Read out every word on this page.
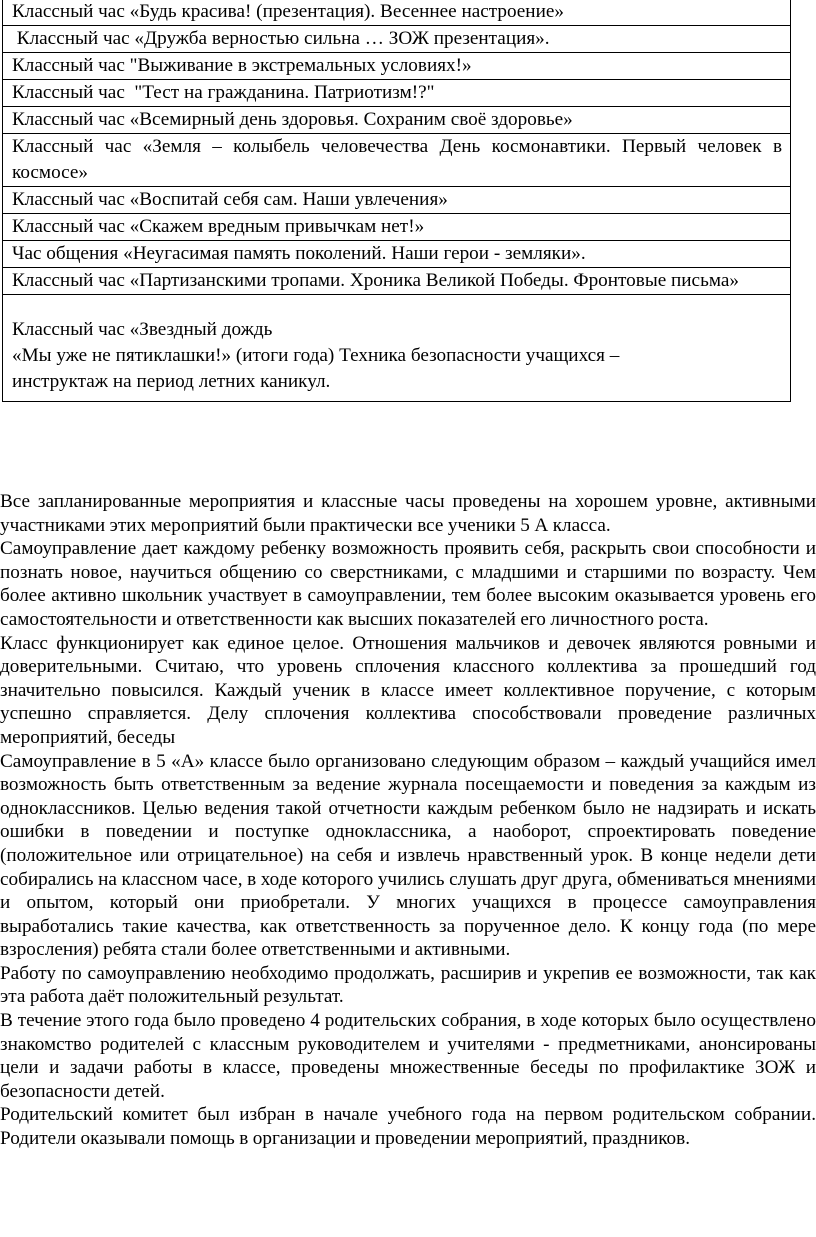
Классный час «Будь красива! (презентация). Весеннее настроение»
Классный час «Дружба верностью сильна … ЗОЖ презентация».
Классный час "Выживание в экстремальных условиях!»
Классный час  "Тест на гражданина. Патриотизм!?"
Классный час «Всемирный день здоровья. Сохраним своё здоровье»
Классный час «Земля – колыбель человечества День космонавтики. Первый человек в космосе»
Классный час «Воспитай себя сам. Наши увлечения»
Классный час «Скажем вредным привычкам нет!»
Час общения «Неугасимая память поколений. Наши герои - земляки».
Классный час «Партизанскими тропами. Хроника Великой Победы. Фронтовые письма»

Классный час «Звездный дождь
«Мы уже не пятиклашки!» (итоги года) Техника безопасности учащихся –
инструктаж на период летних каникул.

Все запланированные мероприятия и классные часы проведены на хорошем уровне, активными участниками этих мероприятий были практически все ученики 5 А класса.

Самоуправление дает каждому ребенку возможность проявить себя, раскрыть свои способности и познать новое, научиться общению со сверстниками, с младшими и старшими по возрасту. Чем более активно школьник участвует в самоуправлении, тем более высоким оказывается уровень его самостоятельности и ответственности как высших показателей его личностного роста.

Класс функционирует как единое целое. Отношения мальчиков и девочек являются ровными и доверительными. Считаю, что уровень сплочения классного коллектива за прошедший год значительно повысился. Каждый ученик в классе имеет коллективное поручение, с которым успешно справляется. Делу сплочения коллектива способствовали проведение различных мероприятий, беседы

Самоуправление в 5 «А» классе было организовано следующим образом – каждый учащийся имел возможность быть ответственным за ведение журнала посещаемости и поведения за каждым из одноклассников. Целью ведения такой отчетности каждым ребенком было не надзирать и искать ошибки в поведении и поступке одноклассника, а наоборот, спроектировать поведение (положительное или отрицательное) на себя и извлечь нравственный урок. В конце недели дети собирались на классном часе, в ходе которого учились слушать друг друга, обмениваться мнениями и опытом, который они приобретали. У многих учащихся в процессе самоуправления выработались такие качества, как ответственность за порученное дело. К концу года (по мере взросления) ребята стали более ответственными и активными.

Работу по самоуправлению необходимо продолжать, расширив и укрепив ее возможности, так как эта работа даёт положительный результат.

В течение этого года было проведено 4 родительских собрания, в ходе которых было осуществлено знакомство родителей с классным руководителем и учителями - предметниками, анонсированы цели и задачи работы в классе, проведены множественные беседы по профилактике ЗОЖ и безопасности детей.

Родительский комитет был избран в начале учебного года на первом родительском собрании. Родители оказывали помощь в организации и проведении мероприятий, праздников.
